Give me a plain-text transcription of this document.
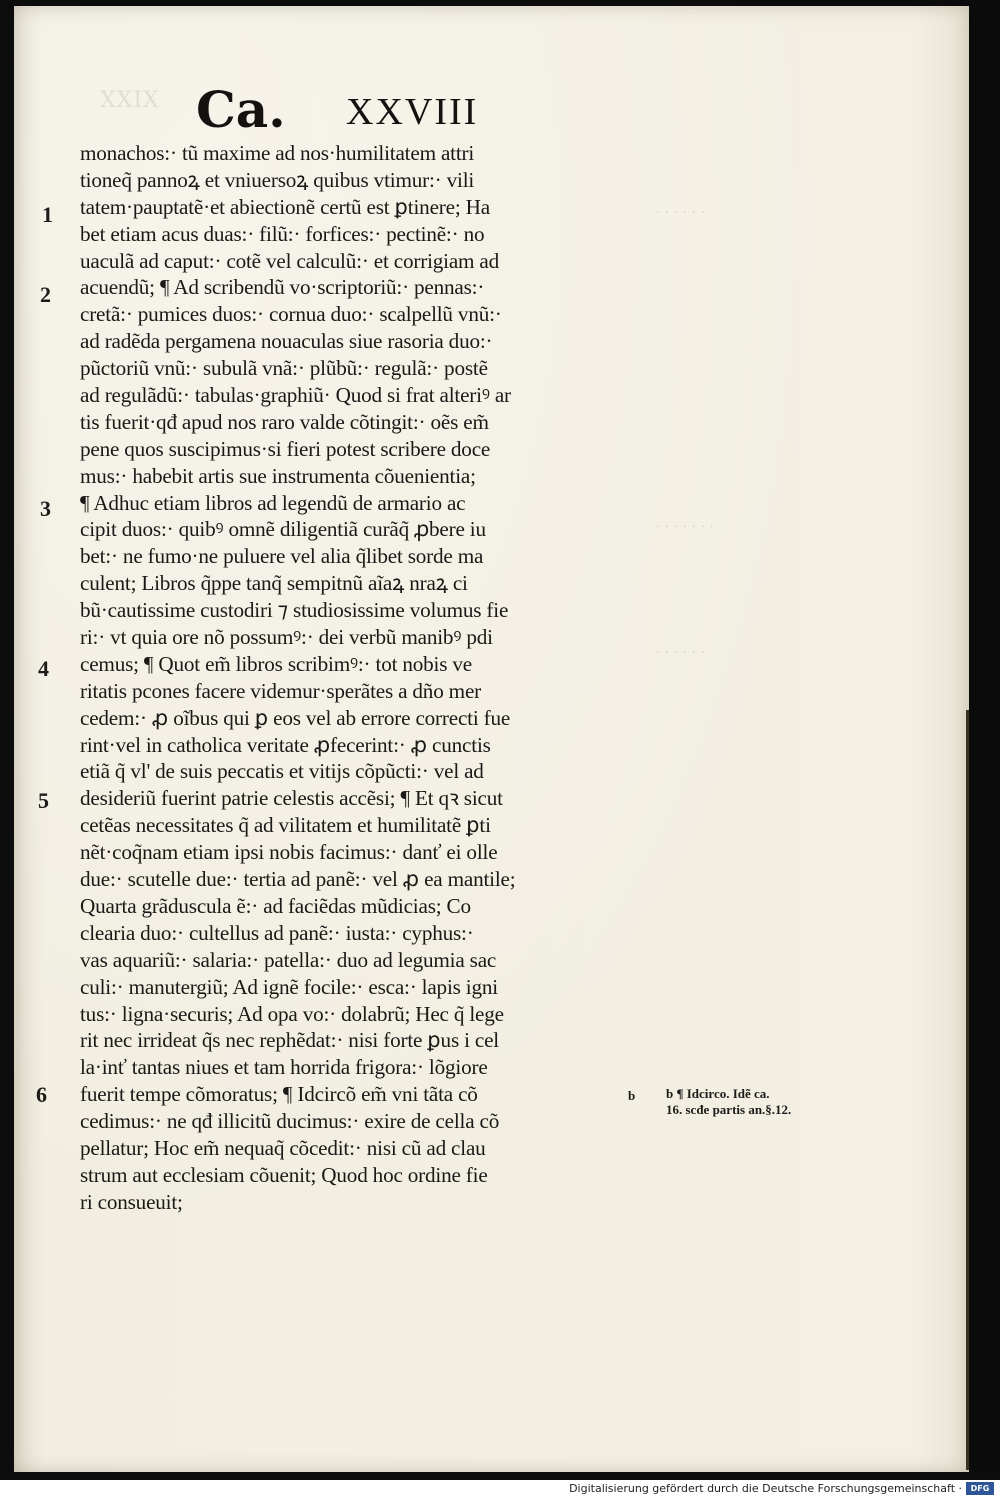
XXIX
· · · · · ·
· · · · · · ·
· · · · · ·
Ca. XXVIII
monachos:· tũ maxime ad nos·humilitatem attri
tioneq̃ pannoꝝ et vniuersoꝝ quibus vtimur:· vili
tatem·pauptatẽ·et abiectionẽ certũ est ꝑtinere; Ha
bet etiam acus duas:· filũ:· forfices:· pectinẽ:· no
uaculã ad caput:· cotẽ vel calculũ:· et corrigiam ad
acuendũ; ¶ Ad scribendũ vo·scriptoriũ:· pennas:·
cretã:· pumices duos:· cornua duo:· scalpellũ vnũ:·
ad radẽda pergamena nouaculas siue rasoria duo:·
pũctoriũ vnũ:· subulã vnã:· plũbũ:· regulã:· postẽ
ad regulãdũ:· tabulas·graphiũ· Quod si frat alteriꝰ ar
tis fuerit·qđ apud nos raro valde cõtingit:· oẽs em̃
pene quos suscipimus·si fieri potest scribere doce
mus:· habebit artis sue instrumenta cõuenientia;
¶ Adhuc etiam libros ad legendũ de armario ac
cipit duos:· quibꝰ omnẽ diligentiã curãq̃ ꝓbere iu
bet:· ne fumo·ne puluere vel alia q̃libet sorde ma
culent; Libros q̃ppe tanq̃ sempitnũ aĩaꝝ nraꝝ ci
bũ·cautissime custodiri ⁊ studiosissime volumus fie
ri:· vt quia ore nõ possumꝰ:· dei verbũ manibꝰ pdi
cemus; ¶ Quot em̃ libros scribimꝰ:· tot nobis ve
ritatis pcones facere videmur·sperãtes a dño mer
cedem:· ꝓ oĩbus qui ꝑ eos vel ab errore correcti fue
rint·vel in catholica veritate ꝓfecerint:· ꝓ cunctis
etiã q̃ vl' de suis peccatis et vitijs cõpũcti:· vel ad
desideriũ fuerint patrie celestis accẽsi; ¶ Et qꝛ sicut
cetẽas necessitates q̃ ad vilitatem et humilitatẽ ꝑti
nẽt·coq̃nam etiam ipsi nobis facimus:· danť ei olle
due:· scutelle due:· tertia ad panẽ:· vel ꝓ ea mantile;
Quarta grãduscula ẽ:· ad faciẽdas mũdicias; Co
clearia duo:· cultellus ad panẽ:· iusta:· cyphus:·
vas aquariũ:· salaria:· patella:· duo ad legumia sac
culi:· manutergiũ; Ad ignẽ focile:· esca:· lapis igni
tus:· ligna·securis; Ad opa vo:· dolabrũ; Hec q̃ lege
rit nec irrideat q̃s nec rephẽdat:· nisi forte ꝑus i cel
la·inť tantas niues et tam horrida frigora:· lõgiore
fuerit tempe cõmoratus; ¶ Idcircõ em̃ vni tãta cõ
cedimus:· ne qđ illicitũ ducimus:· exire de cella cõ
pellatur; Hoc em̃ nequaq̃ cõcedit:· nisi cũ ad clau
strum aut ecclesiam cõuenit; Quod hoc ordine fie
ri consueuit;
1
2
3
4
5
6	b b ¶ Idcirco. Idẽ ca.
16. scđe partis an.§.12.
Digitalisierung gefördert durch die Deutsche Forschungsgemeinschaft ·	DFG
